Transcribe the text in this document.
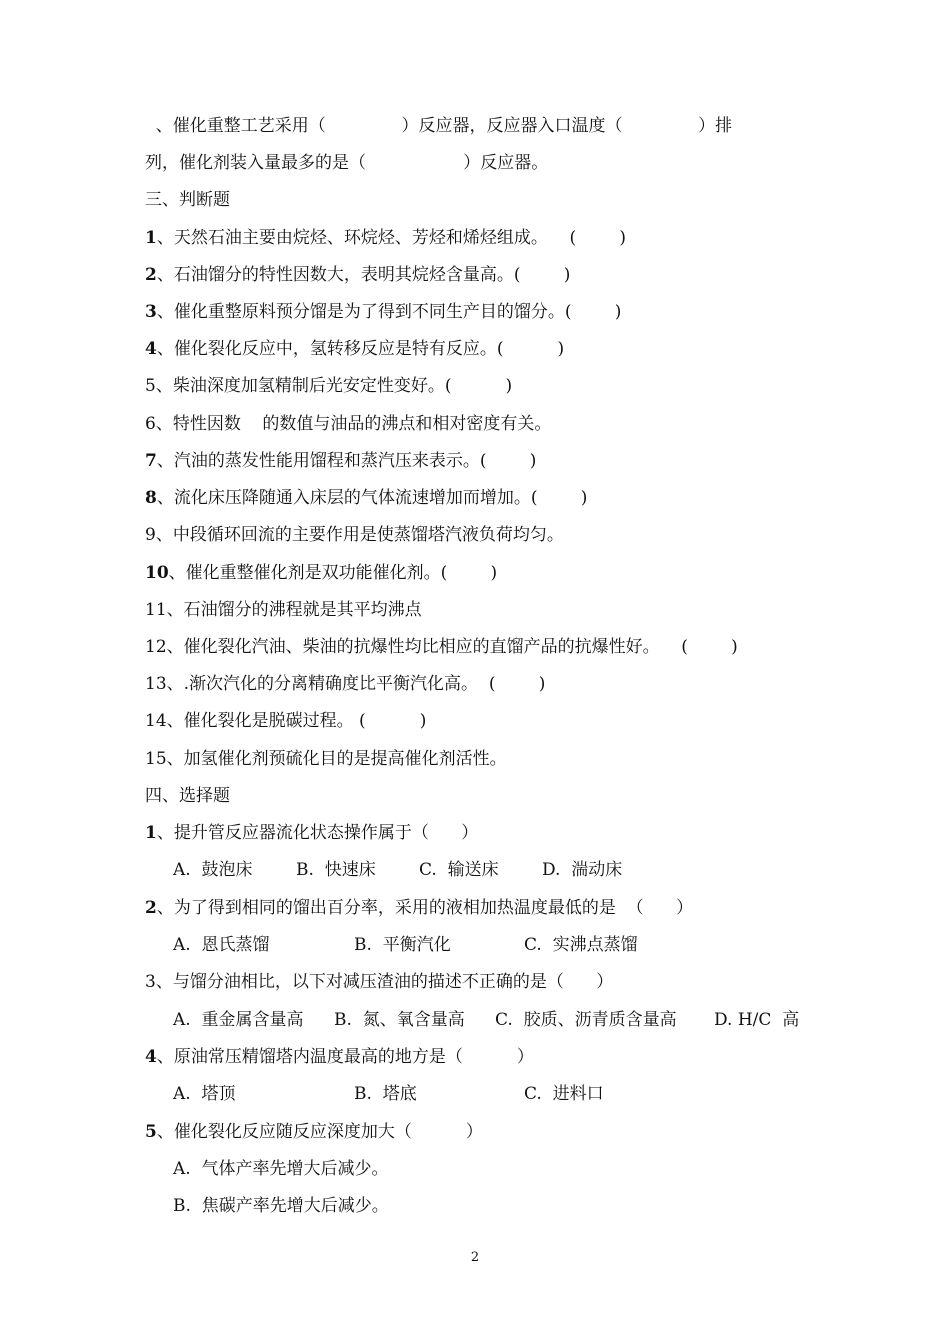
、催化重整工艺采用（              ）反应器，反应器入口温度（              ）排
列，催化剂装入量最多的是（                  ）反应器。
三、判断题
1、天然石油主要由烷烃、环烷烃、芳烃和烯烃组成。    (        )
2、石油馏分的特性因数大，表明其烷烃含量高。(        )
3、催化重整原料预分馏是为了得到不同生产目的馏分。(        )
4、催化裂化反应中，氢转移反应是特有反应。(          )
5、柴油深度加氢精制后光安定性变好。(          )
6、特性因数    的数值与油品的沸点和相对密度有关。
7、汽油的蒸发性能用馏程和蒸汽压来表示。(        )
8、流化床压降随通入床层的气体流速增加而增加。(        )
9、中段循环回流的主要作用是使蒸馏塔汽液负荷均匀。
10、催化重整催化剂是双功能催化剂。(        )
11、石油馏分的沸程就是其平均沸点
12、催化裂化汽油、柴油的抗爆性均比相应的直馏产品的抗爆性好。    (        )
13、.渐次汽化的分离精确度比平衡汽化高。  (        )
14、催化裂化是脱碳过程。 (          )
15、加氢催化剂预硫化目的是提高催化剂活性。
四、选择题
1、提升管反应器流化状态操作属于（      ）
A.  鼓泡床	B.  快速床	C.  输送床	D.  湍动床
2、为了得到相同的馏出百分率，采用的液相加热温度最低的是  （      ）
A.  恩氏蒸馏	B.  平衡汽化	C.  实沸点蒸馏
3、与馏分油相比，以下对减压渣油的描述不正确的是（      ）
A.  重金属含量高 B.  氮、氧含量高 C.  胶质、沥青质含量高 D. H/C  高
4、原油常压精馏塔内温度最高的地方是（          ）
A.  塔顶	B.  塔底	C.  进料口
5、催化裂化反应随反应深度加大（          ）
A.  气体产率先增大后减少。
B.  焦碳产率先增大后减少。
2
